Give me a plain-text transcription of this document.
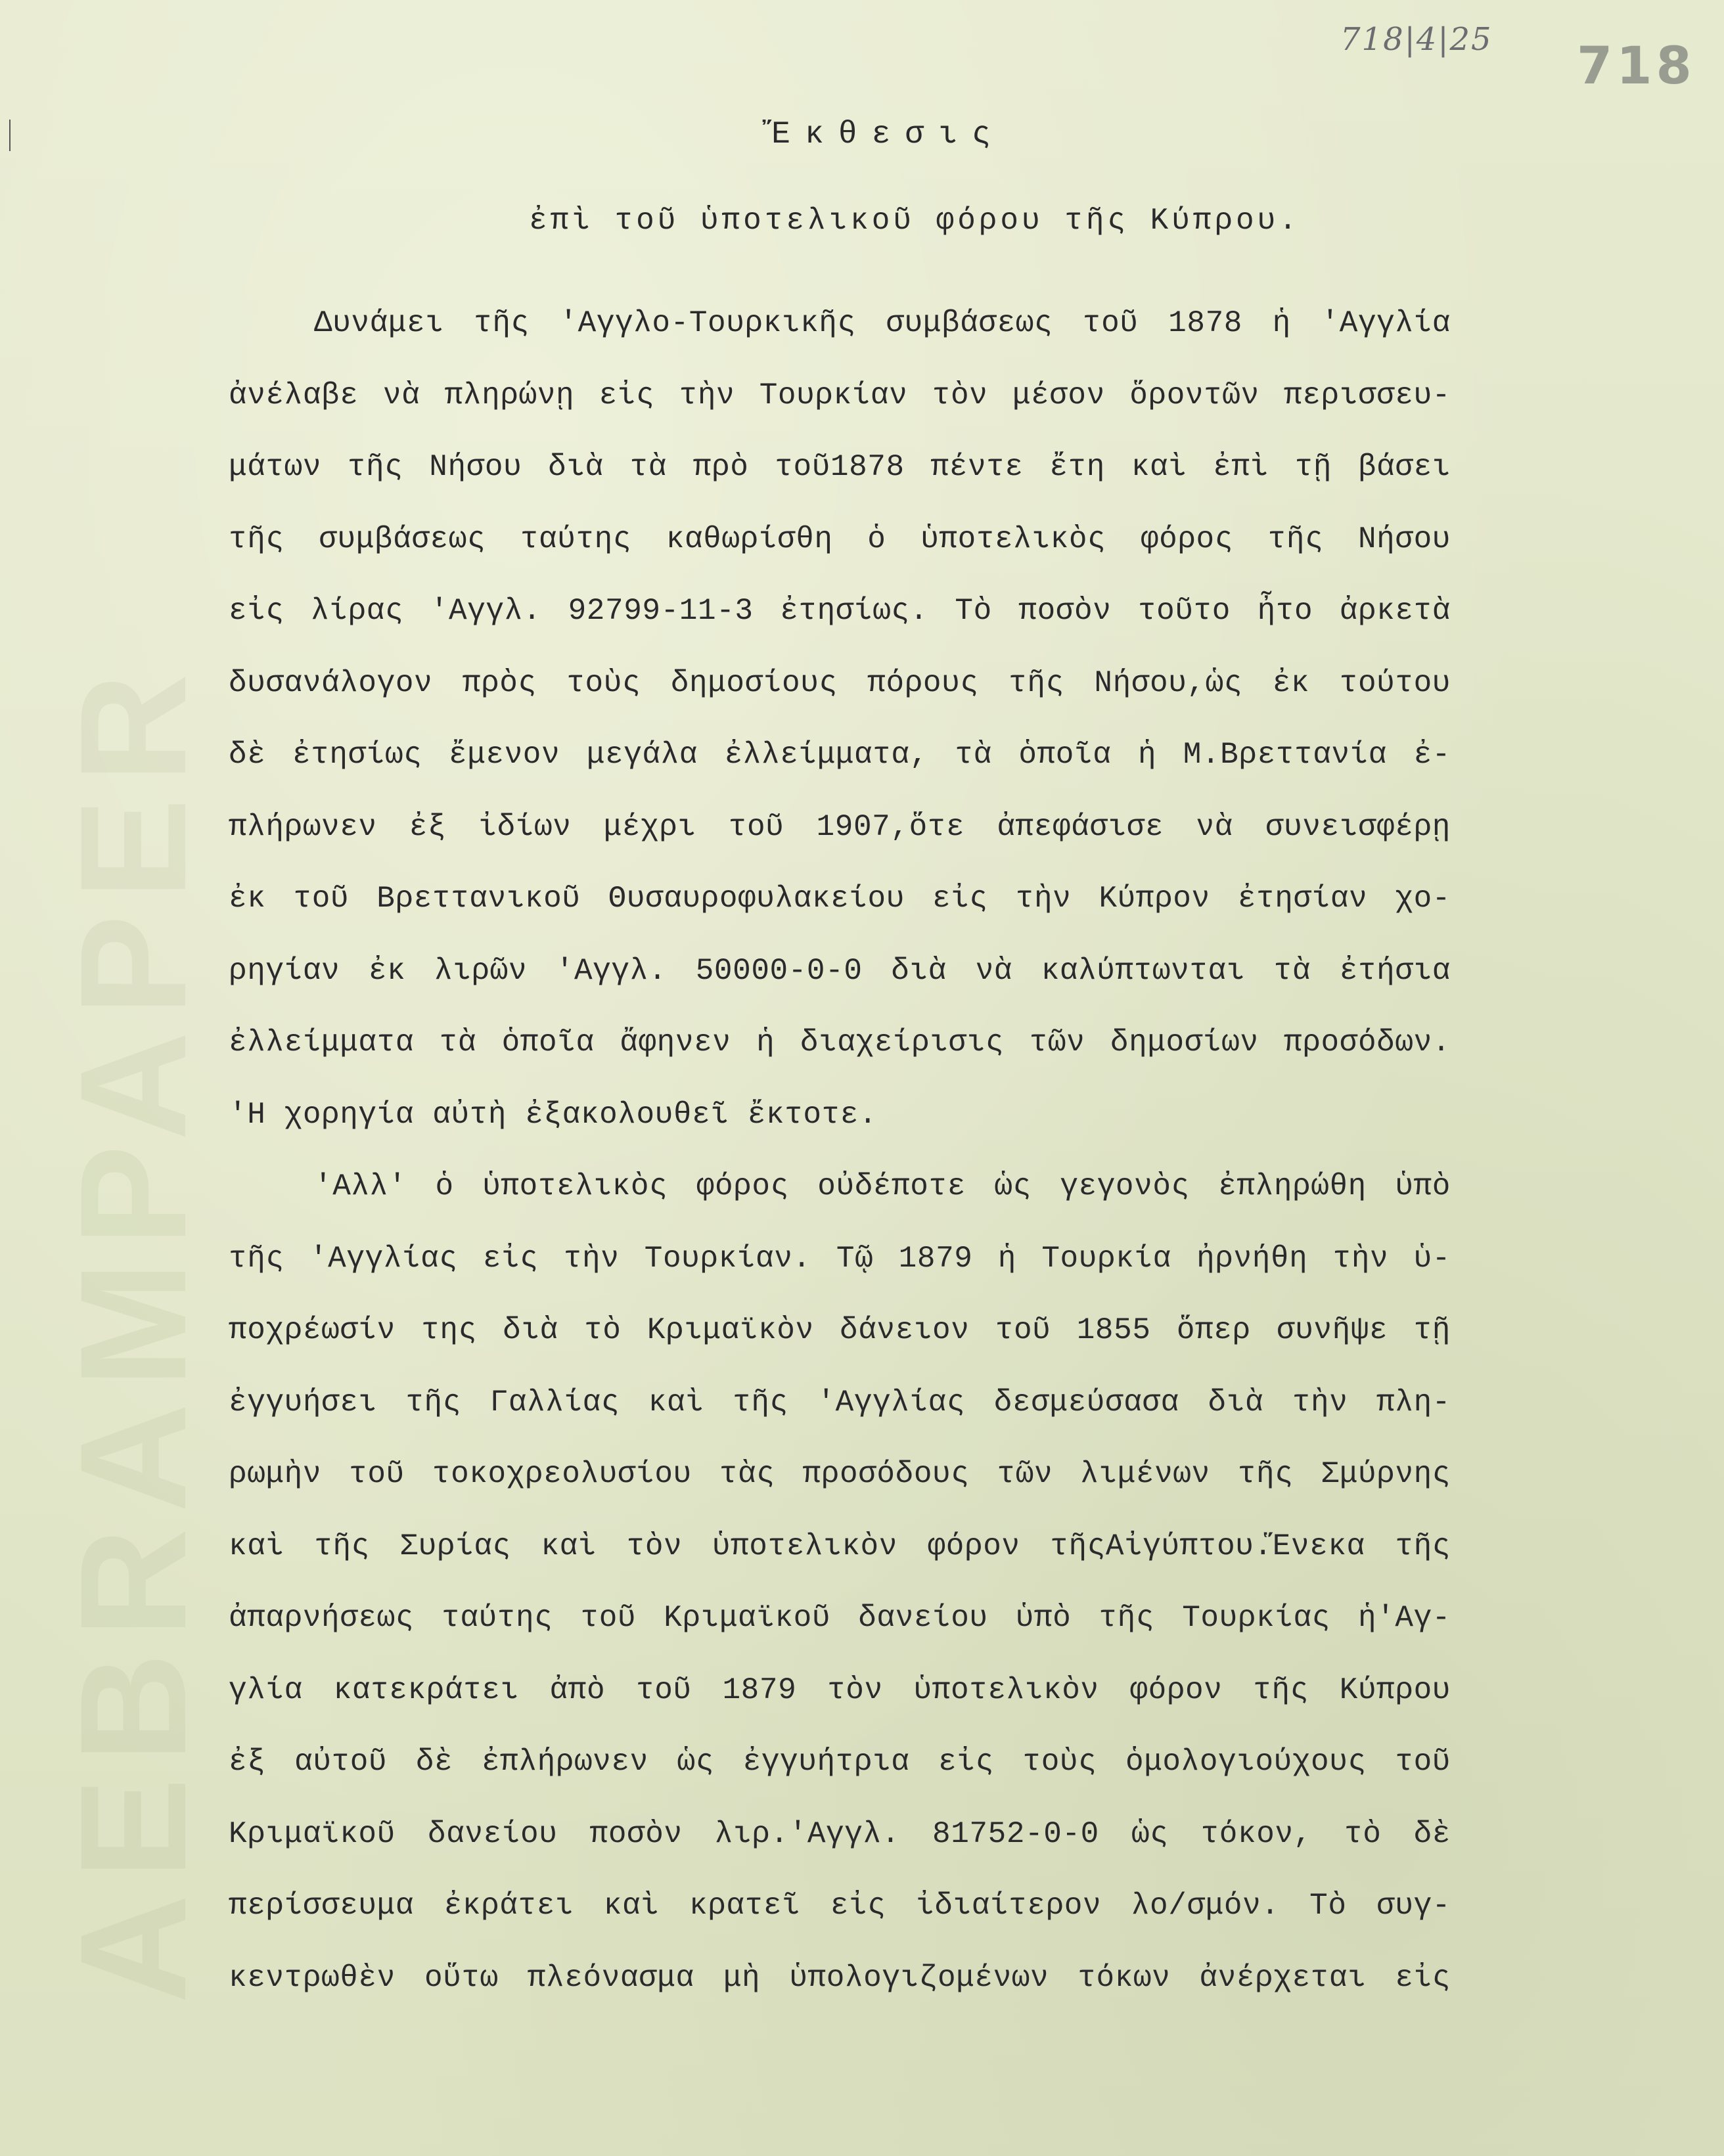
AEBRAMPAPER
718|4|25 718
Ἔκθεσις
ἐπὶ τοῦ ὑποτελικοῦ φόρου τῆς Κύπρου.
Δυνάμει τῆς 'Αγγλο-Τουρκικῆς συμβάσεως τοῦ 1878 ἡ 'Αγγλία
ἀνέλαβε νὰ πληρώνῃ εἰς τὴν Τουρκίαν τὸν μέσον ὅροντῶν περισσευ-
μάτων τῆς Νήσου διὰ τὰ πρὸ τοῦ1878 πέντε ἔτη καὶ ἐπὶ τῇ βάσει
τῆς συμβάσεως ταύτης καθωρίσθη ὁ ὑποτελικὸς φόρος τῆς Νήσου
εἰς λίρας 'Αγγλ. 92799-11-3 ἐτησίως. Τὸ ποσὸν τοῦτο ἦτο ἀρκετὰ
δυσανάλογον πρὸς τοὺς δημοσίους πόρους τῆς Νήσου,ὡς ἐκ τούτου
δὲ ἐτησίως ἔμενον μεγάλα ἐλλείμματα, τὰ ὁποῖα ἡ Μ.Βρεττανία ἐ-
πλήρωνεν ἐξ ἰδίων μέχρι τοῦ 1907,ὅτε ἀπεφάσισε νὰ συνεισφέρῃ
ἐκ τοῦ Βρεττανικοῦ Θυσαυροφυλακείου εἰς τὴν Κύπρον ἐτησίαν χο-
ρηγίαν ἐκ λιρῶν 'Αγγλ. 50000-0-0 διὰ νὰ καλύπτωνται τὰ ἐτήσια
ἐλλείμματα τὰ ὁποῖα ἄφηνεν ἡ διαχείρισις τῶν δημοσίων προσόδων.
'Η χορηγία αὐτὴ ἐξακολουθεῖ ἔκτοτε.
'Αλλ' ὁ ὑποτελικὸς φόρος οὐδέποτε ὡς γεγονὸς ἐπληρώθη ὑπὸ
τῆς 'Αγγλίας εἰς τὴν Τουρκίαν. Τῷ 1879 ἡ Τουρκία ἠρνήθη τὴν ὑ-
ποχρέωσίν της διὰ τὸ Κριμαϊκὸν δάνειον τοῦ 1855 ὅπερ συνῆψε τῇ
ἐγγυήσει τῆς Γαλλίας καὶ τῆς 'Αγγλίας δεσμεύσασα διὰ τὴν πλη-
ρωμὴν τοῦ τοκοχρεολυσίου τὰς προσόδους τῶν λιμένων τῆς Σμύρνης
καὶ τῆς Συρίας καὶ τὸν ὑποτελικὸν φόρον τῆςΑἰγύπτου.Ἕνεκα τῆς
ἀπαρνήσεως ταύτης τοῦ Κριμαϊκοῦ δανείου ὑπὸ τῆς Τουρκίας ἡ'Αγ-
γλία κατεκράτει ἀπὸ τοῦ 1879 τὸν ὑποτελικὸν φόρον τῆς Κύπρου
ἐξ αὐτοῦ δὲ ἐπλήρωνεν ὡς ἐγγυήτρια εἰς τοὺς ὁμολογιούχους τοῦ
Κριμαϊκοῦ δανείου ποσὸν λιρ.'Αγγλ. 81752-0-0 ὡς τόκον, τὸ δὲ
περίσσευμα ἐκράτει καὶ κρατεῖ εἰς ἰδιαίτερον λο/σμόν. Τὸ συγ-
κεντρωθὲν οὕτω πλεόνασμα μὴ ὑπολογιζομένων τόκων ἀνέρχεται εἰς
